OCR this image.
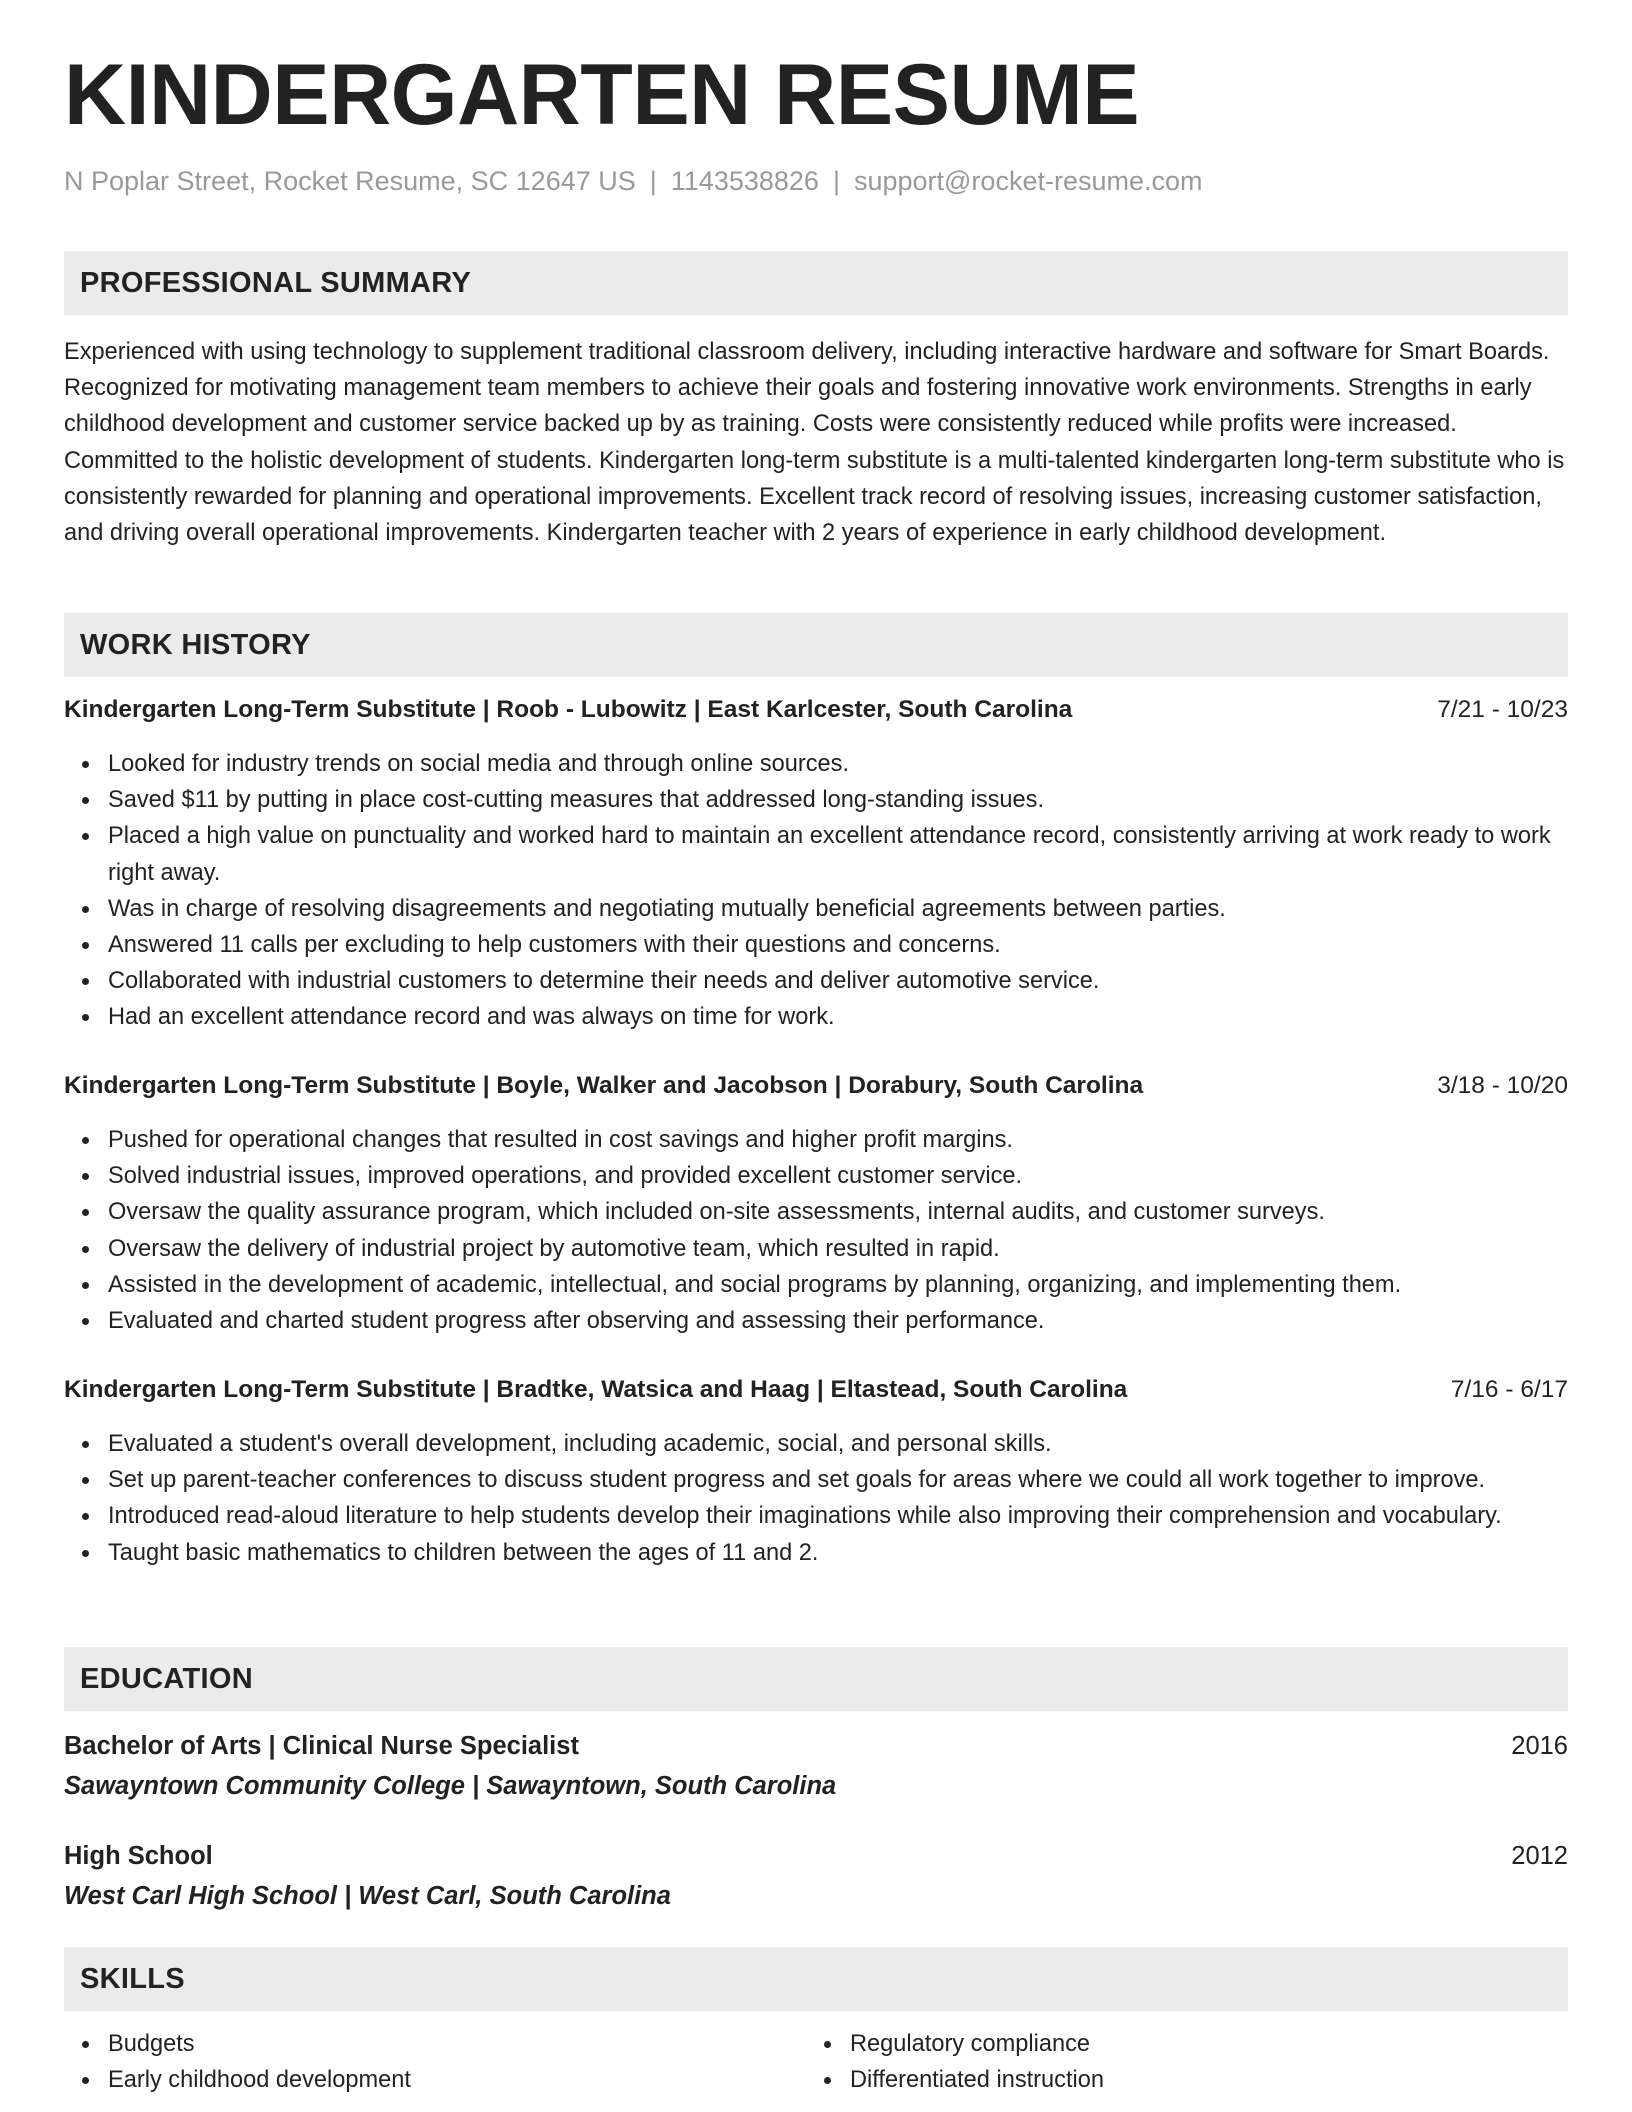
KINDERGARTEN RESUME
N Poplar Street, Rocket Resume, SC 12647 US | 1143538826 | support@rocket-resume.com
PROFESSIONAL SUMMARY

Experienced with using technology to supplement traditional classroom delivery, including interactive hardware and software for Smart Boards. Recognized for motivating management team members to achieve their goals and fostering innovative work environments. Strengths in early childhood development and customer service backed up by as training. Costs were consistently reduced while profits were increased. Committed to the holistic development of students. Kindergarten long-term substitute is a multi-talented kindergarten long-term substitute who is consistently rewarded for planning and operational improvements. Excellent track record of resolving issues, increasing customer satisfaction, and driving overall operational improvements. Kindergarten teacher with 2 years of experience in early childhood development.

WORK HISTORY
Kindergarten Long-Term Substitute | Roob - Lubowitz | East Karlcester, South Carolina	7/21 - 10/23
Looked for industry trends on social media and through online sources.
Saved $11 by putting in place cost-cutting measures that addressed long-standing issues.
Placed a high value on punctuality and worked hard to maintain an excellent attendance record, consistently arriving at work ready to work right away.
Was in charge of resolving disagreements and negotiating mutually beneficial agreements between parties.
Answered 11 calls per excluding to help customers with their questions and concerns.
Collaborated with industrial customers to determine their needs and deliver automotive service.
Had an excellent attendance record and was always on time for work.
Kindergarten Long-Term Substitute | Boyle, Walker and Jacobson | Dorabury, South Carolina	3/18 - 10/20
Pushed for operational changes that resulted in cost savings and higher profit margins.
Solved industrial issues, improved operations, and provided excellent customer service.
Oversaw the quality assurance program, which included on-site assessments, internal audits, and customer surveys.
Oversaw the delivery of industrial project by automotive team, which resulted in rapid.
Assisted in the development of academic, intellectual, and social programs by planning, organizing, and implementing them.
Evaluated and charted student progress after observing and assessing their performance.
Kindergarten Long-Term Substitute | Bradtke, Watsica and Haag | Eltastead, South Carolina	7/16 - 6/17
Evaluated a student's overall development, including academic, social, and personal skills.
Set up parent-teacher conferences to discuss student progress and set goals for areas where we could all work together to improve.
Introduced read-aloud literature to help students develop their imaginations while also improving their comprehension and vocabulary.
Taught basic mathematics to children between the ages of 11 and 2.
EDUCATION
Bachelor of Arts | Clinical Nurse Specialist	2016
Sawayntown Community College | Sawayntown, South Carolina
High School	2012
West Carl High School | West Carl, South Carolina
SKILLS
Budgets
Early childhood development
Regulatory compliance
Differentiated instruction
